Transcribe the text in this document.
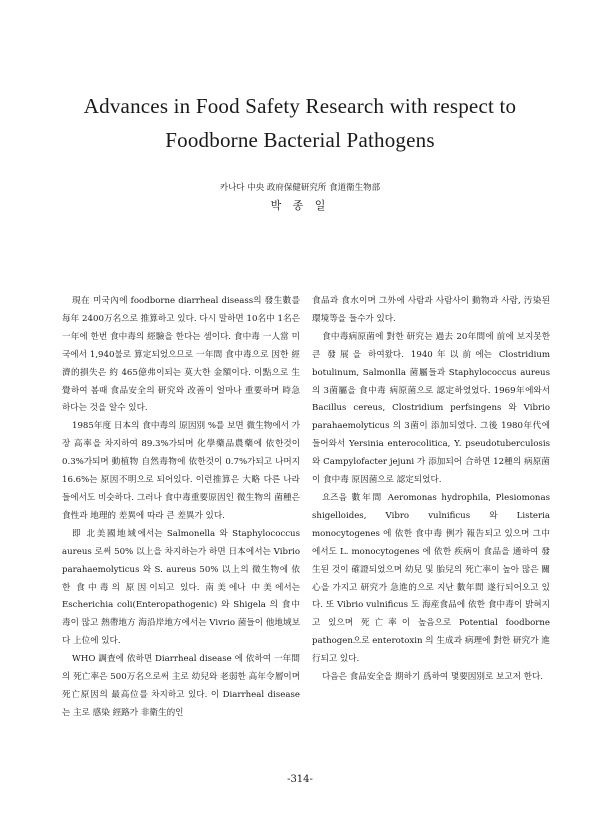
Advances in Food Safety Research with respect to
Foodborne Bacterial Pathogens
카나다 中央 政府保健研究所 食道衛生物部
박 종 일

現在 미국內에 foodborne diarrheal diseass의 發生數를 每年 2400万名으로 推算하고 있다. 다시 말하면 10名中 1名은 一年에 한번 食中毒의 經驗을 한다는 셈이다. 食中毒 一人當 미국에서 1,940불로 算定되었으므로 一年間 食中毒으로 因한 經濟的損失은 約 465億弗이되는 莫大한 金額이다. 이點으로 生覺하여 봄때 食品安全의 研究와 改善이 얼마나 重要하며 時急하다는 것을 알수 있다.

1985年度 日本의 食中毒의 原因別 %를 보면 微生物에서 가장 高率을 차지하여 89.3%가되며 化學藥品農藥에 依한것이 0.3%가되며 動植物 自然毒物에 依한것이 0.7%가되고 나머지 16.6%는 原因不明으로 되어있다. 이런推算은 大略 다른 나라들에서도 비슷하다. 그러나 食中毒重要原因인 微生物의 菌種은 食性과 地理的 差異에 따라 큰 差異가 있다.

即 北美國地域에서는 Salmonella 와 Staphylococcus aureus 로써 50% 以上을 차지하는가 하면 日本에서는 Vibrio parahaemolyticus 와 S. aureus 50% 以上의 微生物에 依한 食中毒의 原因이되고 있다. 南美에나 中美에서는 Escherichia coli(Enteropathogenic) 와 Shigela 의 食中毒이 많고 熱帶地方 海沿岸地方에서는 Vivrio 菌들이 他地域보다 上位에 있다.

WHO 調査에 依하면 Diarrheal disease 에 依하여 一年間의 死亡率은 500万名으로써 主로 幼兒와 老弱한 高年令層이며 死亡原因의 最高位를 차지하고 있다. 이 Diarrheal disease 는 主로 感染 經路가 非衛生的인

食品과 食水이며 그外에 사람과 사람사이 動物과 사람, 汚染된 環境等을 들수가 있다.

食中毒病原菌에 對한 研究는 過去 20年間에 前에 보지못한 큰 發展을 하여왔다. 1940年以前에는 Clostridium botulinum, Salmonlla 菌屬들과 Staphylococcus aureus 의 3菌屬을 食中毒 病原菌으로 認定하였었다. 1969年에와서 Bacillus cereus, Clostridium perfsingens 와 Vibrio parahaemolyticus 의 3菌이 添加되였다. 그後 1980年代에 들어와서 Yersinia enterocolitica, Y. pseudotuberculosis 와 Campylofacter jejuni 가 添加되어 合하면 12種의 病原菌이 食中毒 原因菌으로 認定되었다.

요즈음 數年間 Aeromonas hydrophila, Plesiomonas shigelloides, Vibro vulnificus 와 Listeria monocytogenes 에 依한 食中毒 例가 報告되고 있으며 그中에서도 L. monocytogenes 에 依한 疾病이 食品을 通하여 發生된 것이 確證되었으며 幼兒 및 胎兒의 死亡率이 높아 많은 關心을 가지고 研究가 急進的으로 지난 數年間 遂行되어오고 있다. 또 Vibrio vulnificus 도 海産食品에 依한 食中毒이 밝혀지고 있으며 死亡率이 높음으로 Potential foodborne pathogen으로 enterotoxin 의 生成과 病理에 對한 研究가 進行되고 있다.

다음은 食品安全을 期하기 爲하여 몇要因別로 보고저 한다.

-314-
